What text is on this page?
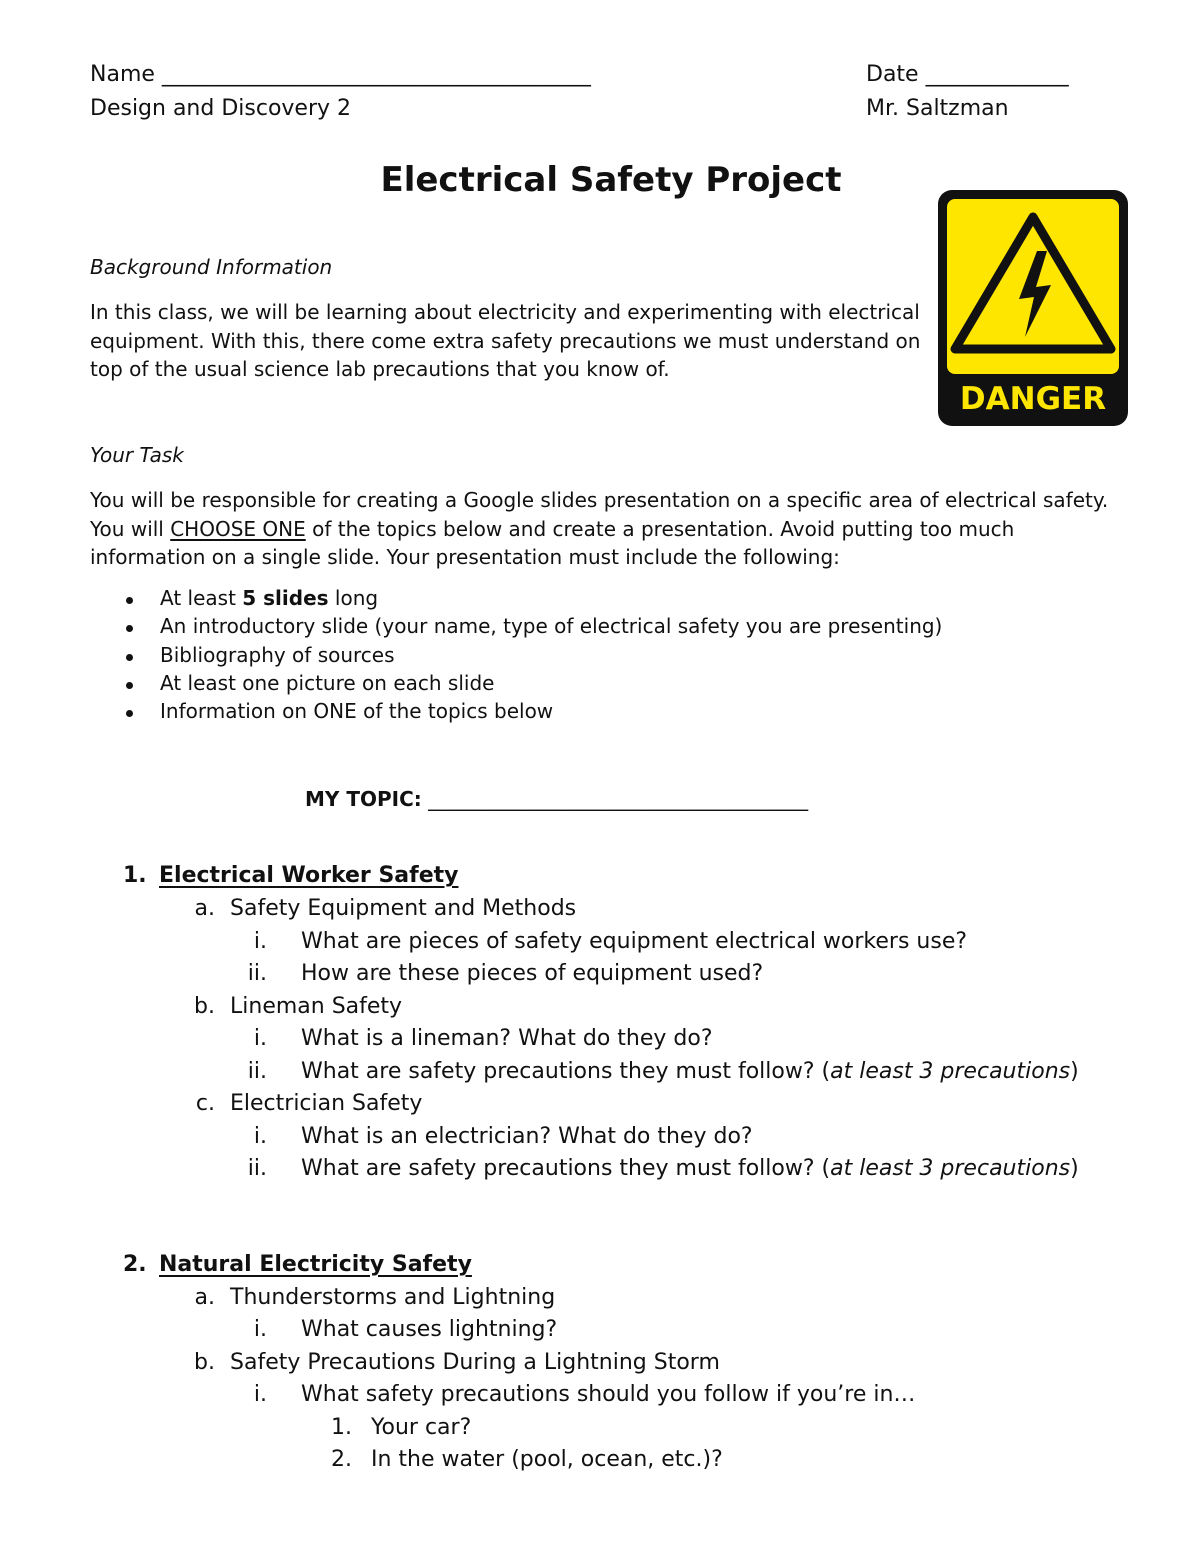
Name _______________________________________	Date _____________
Design and Discovery 2	Mr. Saltzman
Electrical Safety Project
DANGER
Background Information
In this class, we will be learning about electricity and experimenting with electrical equipment. With this, there come extra safety precautions we must understand on top of the usual science lab precautions that you know of.
Your Task
You will be responsible for creating a Google slides presentation on a specific area of electrical safety. You will CHOOSE ONE of the topics below and create a presentation. Avoid putting too much information on a single slide. Your presentation must include the following:
At least 5 slides long
An introductory slide (your name, type of electrical safety you are presenting)
Bibliography of sources
At least one picture on each slide
Information on ONE of the topics below
MY TOPIC: ______________________________________
1. Electrical Worker Safety
a. Safety Equipment and Methods
i. What are pieces of safety equipment electrical workers use?
ii. How are these pieces of equipment used?
b. Lineman Safety
i. What is a lineman? What do they do?
ii. What are safety precautions they must follow? (at least 3 precautions)
c. Electrician Safety
i. What is an electrician? What do they do?
ii. What are safety precautions they must follow? (at least 3 precautions)
2. Natural Electricity Safety
a. Thunderstorms and Lightning
i. What causes lightning?
b. Safety Precautions During a Lightning Storm
i. What safety precautions should you follow if you’re in…
1. Your car?
2. In the water (pool, ocean, etc.)?
